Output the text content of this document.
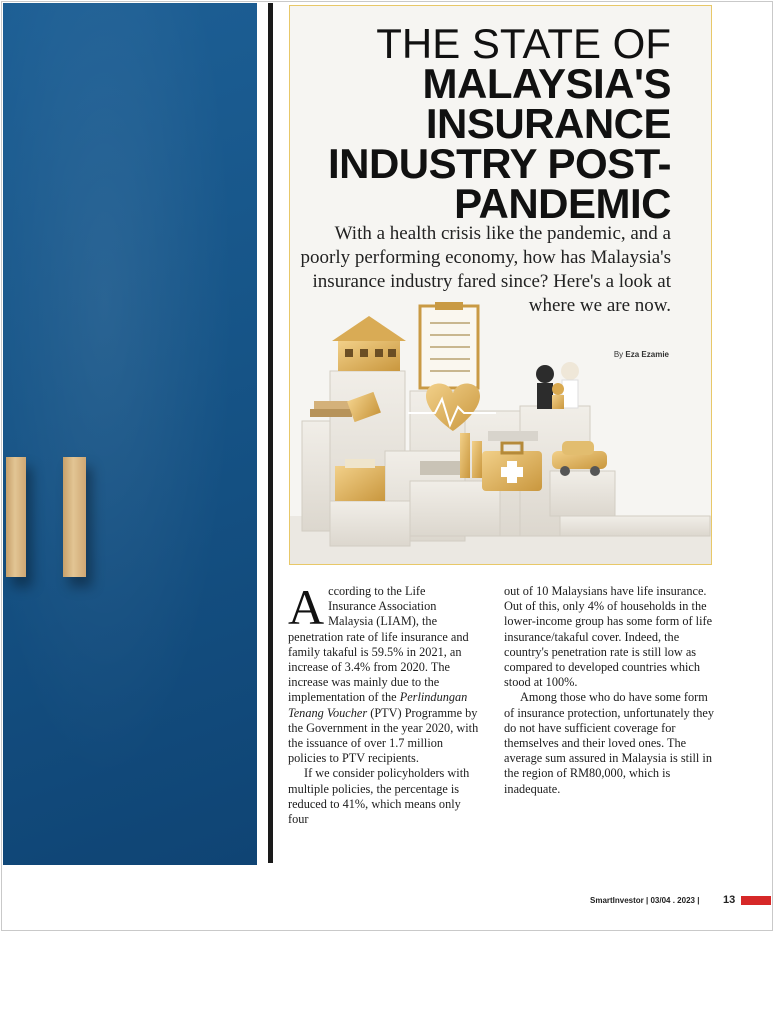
THE STATE OF
MALAYSIA'S
INSURANCE
INDUSTRY POST-
PANDEMIC

With a health crisis like the pandemic, and a poorly performing economy, how has Malaysia's insurance industry fared since? Here's a look at where we are now.

By Eza Ezamie

A ccording to the Life
Insurance Association
Malaysia (LIAM), the
penetration rate of life insurance and family takaful is 59.5% in 2021, an increase of 3.4% from 2020. The increase was mainly due to the implementation of the Perlindungan Tenang Voucher (PTV) Programme by the Government in the year 2020, with the issuance of over 1.7 million policies to PTV recipients.

If we consider policyholders with multiple policies, the percentage is reduced to 41%, which means only four

out of 10 Malaysians have life insurance. Out of this, only 4% of households in the lower-income group has some form of life insurance/takaful cover. Indeed, the country's penetration rate is still low as compared to developed countries which stood at 100%.

Among those who do have some form of insurance protection, unfortunately they do not have sufficient coverage for themselves and their loved ones. The average sum assured in Malaysia is still in the region of RM80,000, which is inadequate.

SmartInvestor | 03/04 . 2023 | 13
